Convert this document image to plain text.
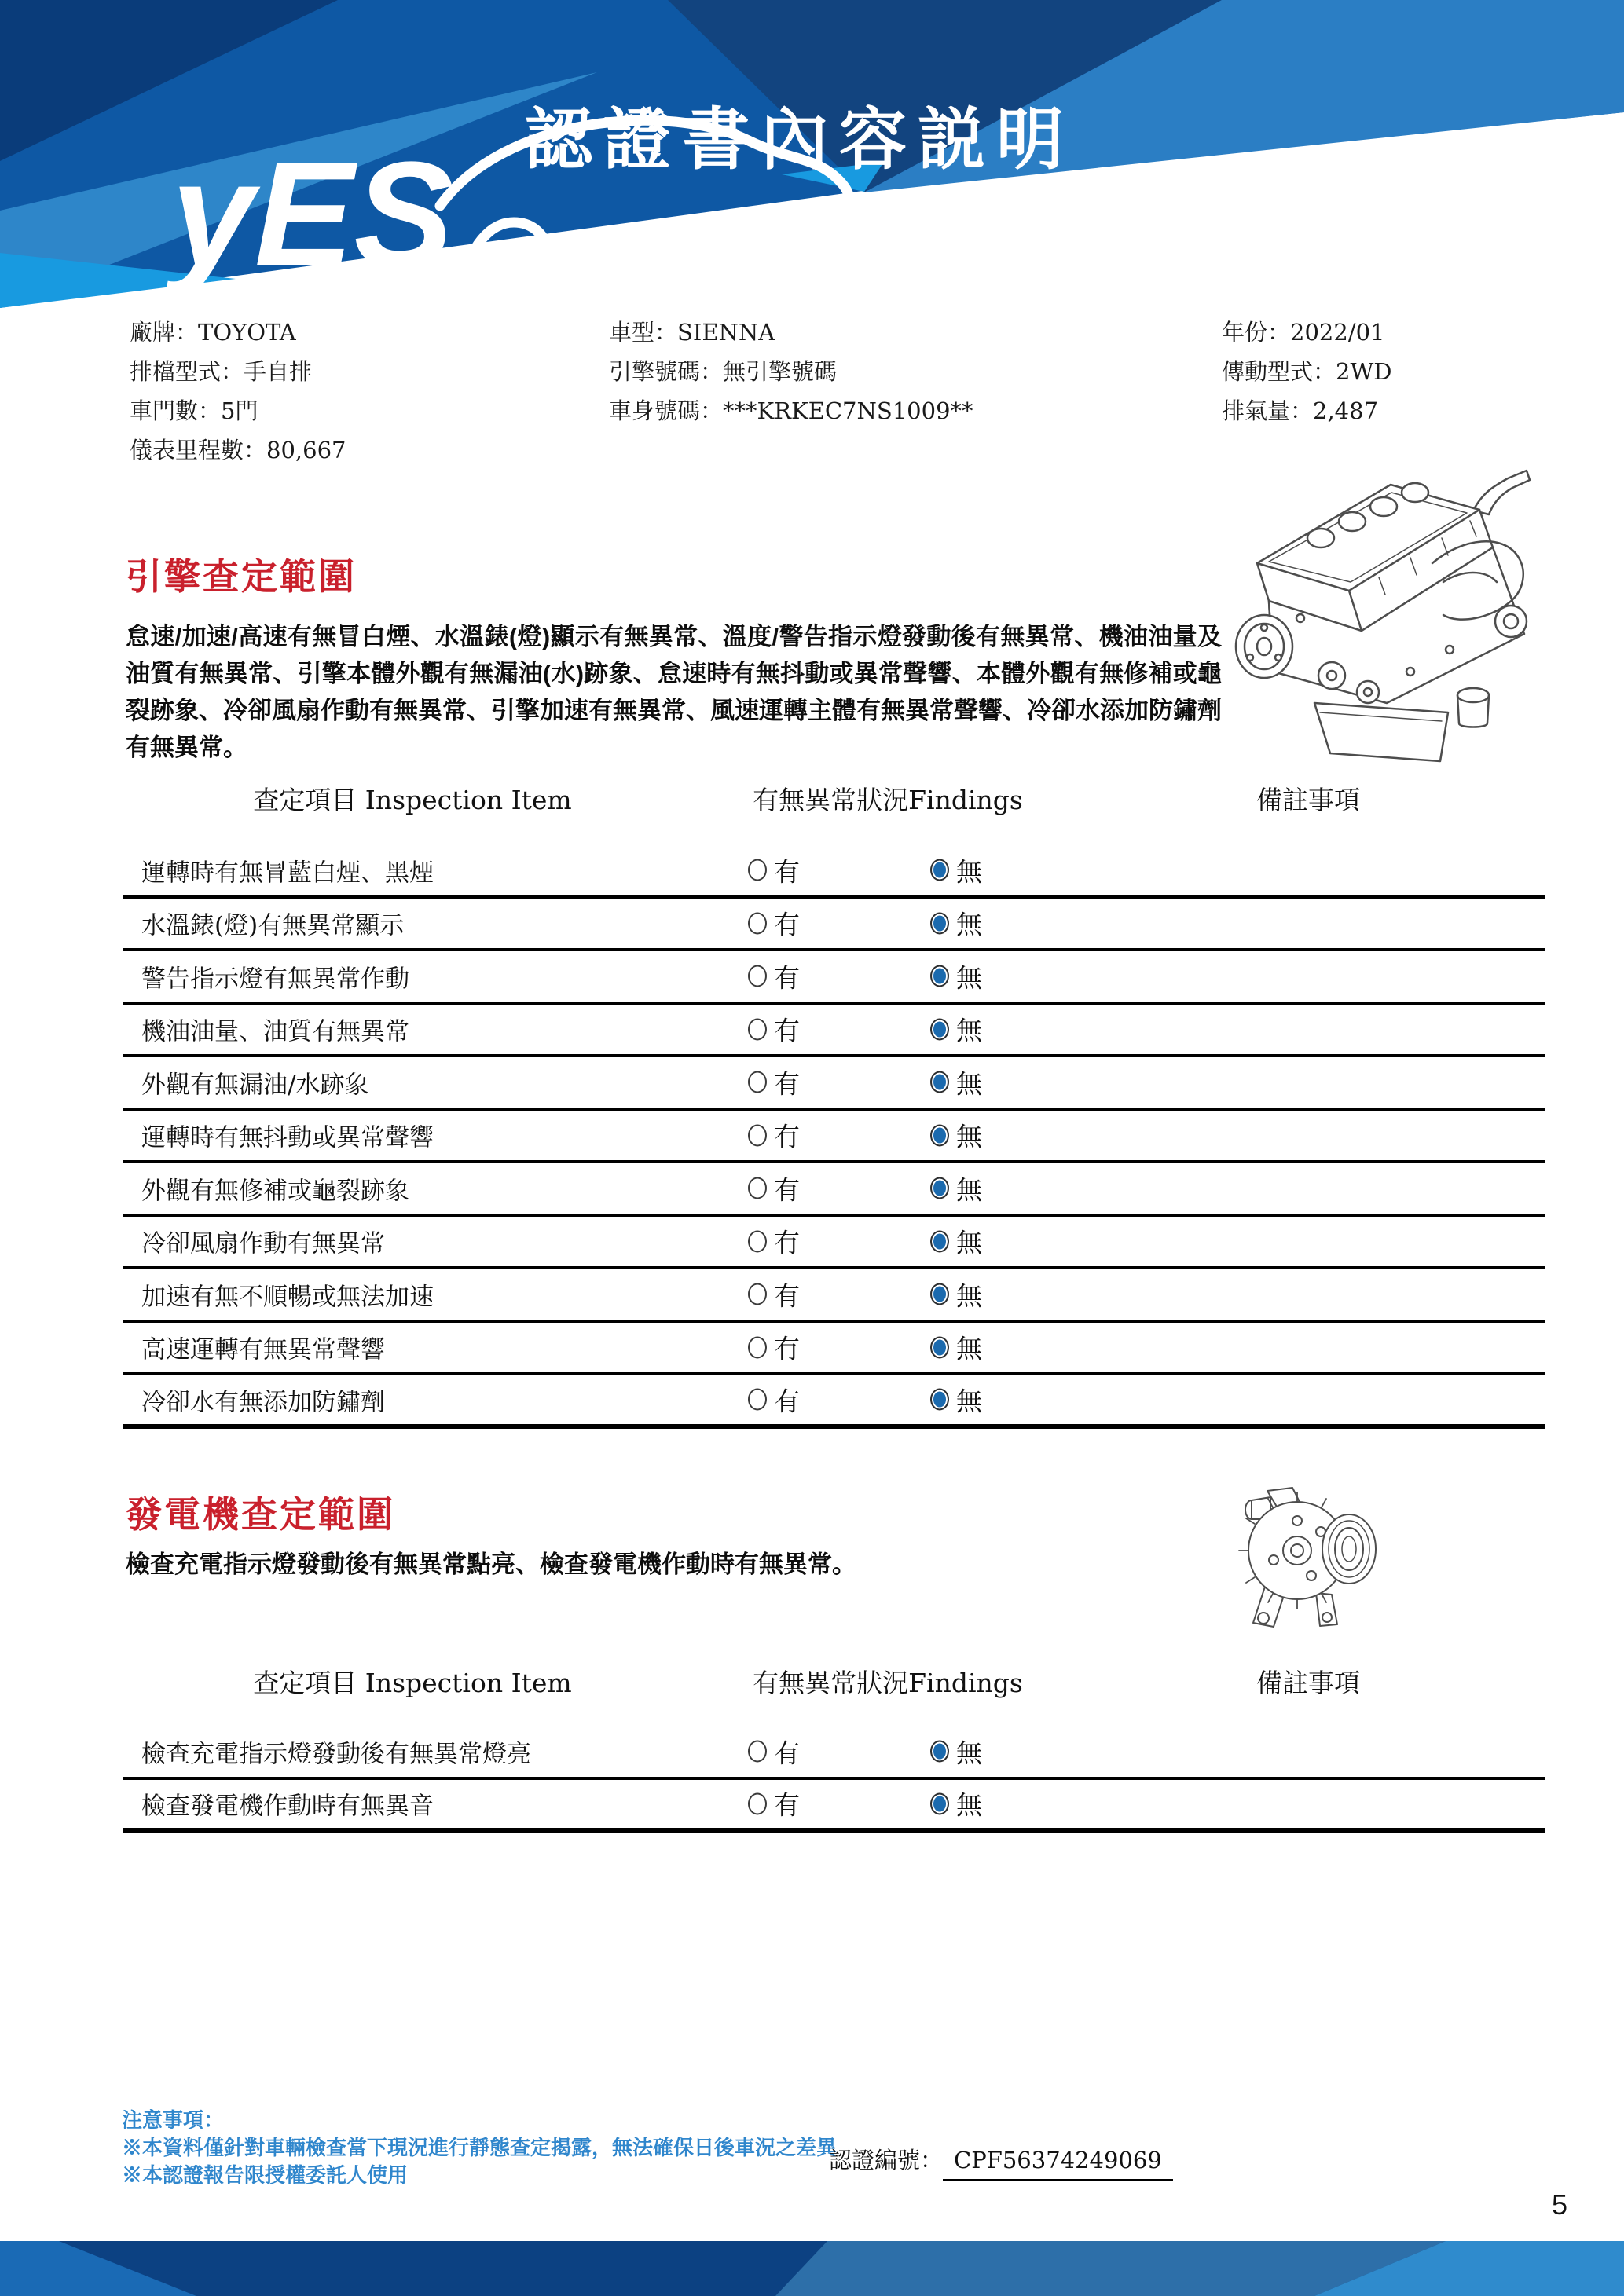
yES 認證書內容説明
廠牌：TOYOTA
排檔型式：手自排
車門數：5門
儀表里程數：80,667
車型：SIENNA
引擎號碼：無引擎號碼
車身號碼：***KRKEC7NS1009**
年份：2022/01
傳動型式：2WD
排氣量：2,487
引擎查定範圍
怠速/加速/高速有無冒白煙、水溫錶(燈)顯示有無異常、溫度/警告指示燈發動後有無異常、機油油量及油質有無異常、引擎本體外觀有無漏油(水)跡象、怠速時有無抖動或異常聲響、本體外觀有無修補或龜裂跡象、冷卻風扇作動有無異常、引擎加速有無異常、風速運轉主體有無異常聲響、冷卻水添加防鏽劑有無異常。
查定項目 Inspection Item	有無異常狀況Findings	備註事項
運轉時有無冒藍白煙、黑煙	有	無
水溫錶(燈)有無異常顯示	有	無
警告指示燈有無異常作動	有	無
機油油量、油質有無異常	有	無
外觀有無漏油/水跡象	有	無
運轉時有無抖動或異常聲響	有	無
外觀有無修補或龜裂跡象	有	無
冷卻風扇作動有無異常	有	無
加速有無不順暢或無法加速	有	無
高速運轉有無異常聲響	有	無
冷卻水有無添加防鏽劑	有	無
發電機查定範圍
檢查充電指示燈發動後有無異常點亮、檢查發電機作動時有無異常。
查定項目 Inspection Item	有無異常狀況Findings	備註事項
檢查充電指示燈發動後有無異常燈亮	有	無
檢查發電機作動時有無異音	有	無
注意事項：
※本資料僅針對車輛檢查當下現況進行靜態查定揭露，無法確保日後車況之差異
※本認證報告限授權委託人使用
認證編號： CPF56374249069
5
